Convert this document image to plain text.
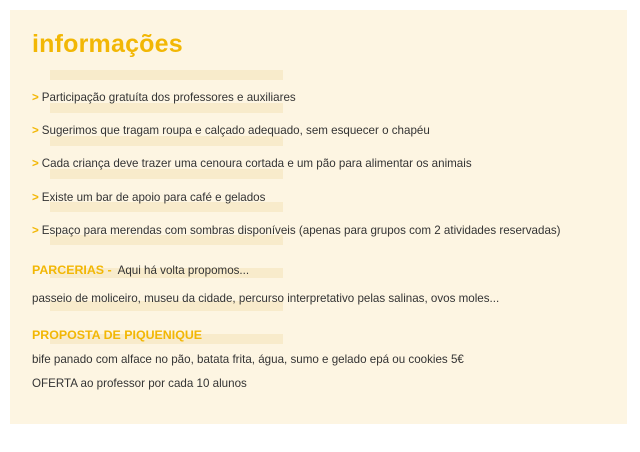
informações
> Participação gratuíta dos professores e auxiliares
> Sugerimos que tragam roupa e calçado adequado, sem esquecer o chapéu
> Cada criança deve trazer uma cenoura cortada e um pão para alimentar os animais
> Existe um bar de apoio para café e gelados
> Espaço para merendas com sombras disponíveis (apenas para grupos com 2 atividades reservadas)
PARCERIAS - Aqui há volta propomos...
passeio de moliceiro, museu da cidade, percurso interpretativo pelas salinas, ovos moles...
PROPOSTA DE PIQUENIQUE
bife panado com alface no pão, batata frita, água, sumo e gelado epá ou cookies 5€
OFERTA ao professor por cada 10 alunos
